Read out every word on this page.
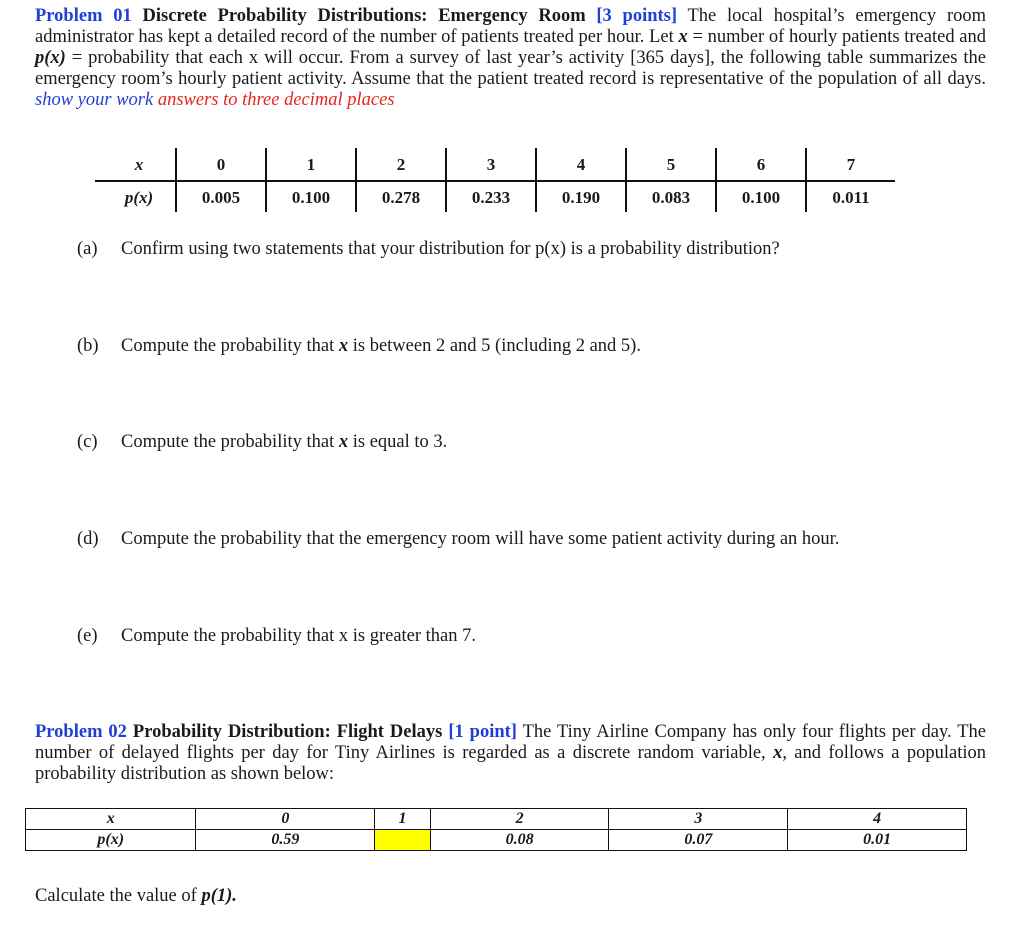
Problem 01 Discrete Probability Distributions: Emergency Room [3 points] The local hospital’s emergency room administrator has kept a detailed record of the number of patients treated per hour. Let x = number of hourly patients treated and p(x) = probability that each x will occur. From a survey of last year’s activity [365 days], the following table summarizes the emergency room’s hourly patient activity. Assume that the patient treated record is representative of the population of all days. show your work answers to three decimal places
x	0	1	2	3	4	5	6	7
p(x)	0.005	0.100	0.278	0.233	0.190	0.083	0.100	0.011
(a) Confirm using two statements that your distribution for p(x) is a probability distribution?
(b) Compute the probability that x is between 2 and 5 (including 2 and 5).
(c) Compute the probability that x is equal to 3.
(d) Compute the probability that the emergency room will have some patient activity during an hour.
(e) Compute the probability that x is greater than 7.
Problem 02 Probability Distribution: Flight Delays [1 point] The Tiny Airline Company has only four flights per day. The number of delayed flights per day for Tiny Airlines is regarded as a discrete random variable, x, and follows a population probability distribution as shown below:
x	0	1	2	3	4
p(x)	0.59		0.08	0.07	0.01
Calculate the value of p(1).
